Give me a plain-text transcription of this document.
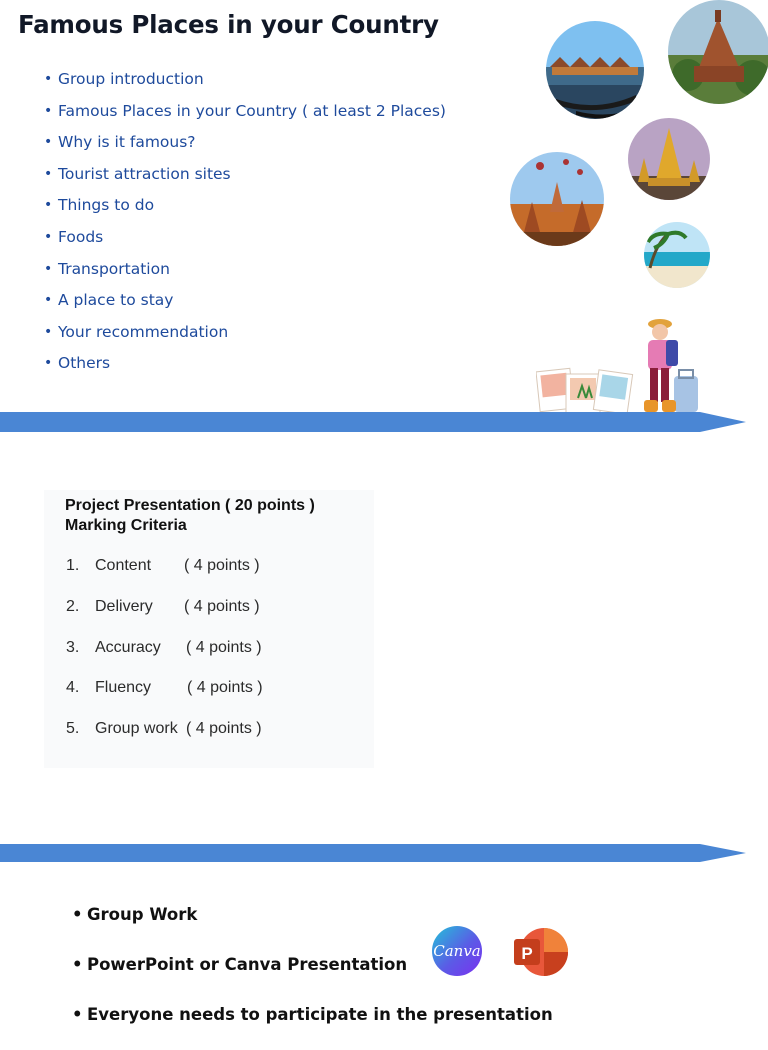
Famous Places in your Country
• Group introduction
• Famous Places in your Country ( at least 2 Places)
• Why is it famous?
• Tourist attraction sites
• Things to do
• Foods
• Transportation
• A place to stay
• Your recommendation
• Others
Project Presentation ( 20 points )
Marking Criteria
1. Content ( 4 points )
2. Delivery ( 4 points )
3. Accuracy ( 4 points )
4. Fluency ( 4 points )
5. Group work ( 4 points )
• Group Work
• PowerPoint or Canva Presentation
• Everyone needs to participate in the presentation
Canva P
